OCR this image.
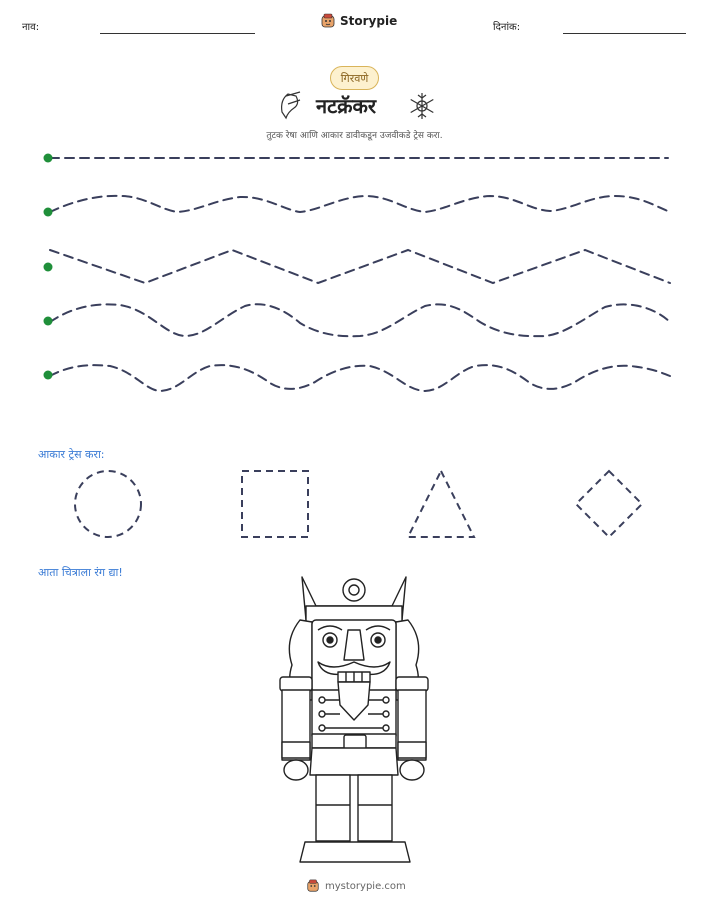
नाव:	Storypie	दिनांक:
गिरवणे
नटक्रॅकर
तुटक रेषा आणि आकार डावीकडून उजवीकडे ट्रेस करा.
आकार ट्रेस करा:
आता चित्राला रंग द्या!
mystorypie.com
